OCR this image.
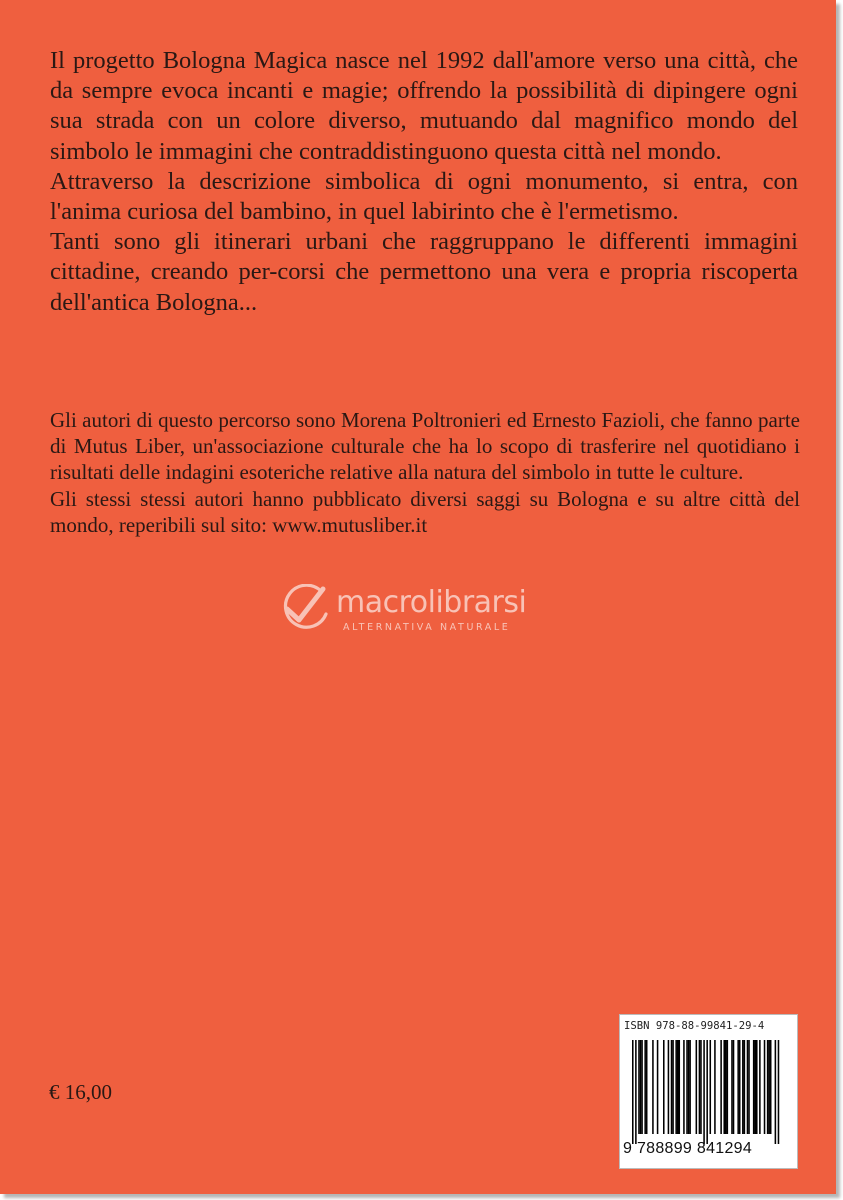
Il progetto Bologna Magica nasce nel 1992 dall'amore verso una città, che da sempre evoca incanti e magie; offrendo la possibilità di dipingere ogni sua strada con un colore diverso, mutuando dal magnifico mondo del simbolo le immagini che contraddistinguono questa città nel mondo.

Attraverso la descrizione simbolica di ogni monumento, si entra, con l'anima curiosa del bambino, in quel labirinto che è l'ermetismo.

Tanti sono gli itinerari urbani che raggruppano le differenti immagini cittadine, creando per-corsi che permettono una vera e propria riscoperta dell'antica Bologna...

Gli autori di questo percorso sono Morena Poltronieri ed Ernesto Fazioli, che fanno parte di Mutus Liber, un'associazione culturale che ha lo scopo di trasferire nel quotidiano i risultati delle indagini esoteriche relative alla natura del simbolo in tutte le culture.

Gli stessi stessi autori hanno pubblicato diversi saggi su Bologna e su altre città del mondo, reperibili sul sito: www.mutusliber.it

macrolibrarsi
ALTERNATIVA NATURALE
€ 16,00
ISBN 978-88-99841-29-4
9 788899 841294
